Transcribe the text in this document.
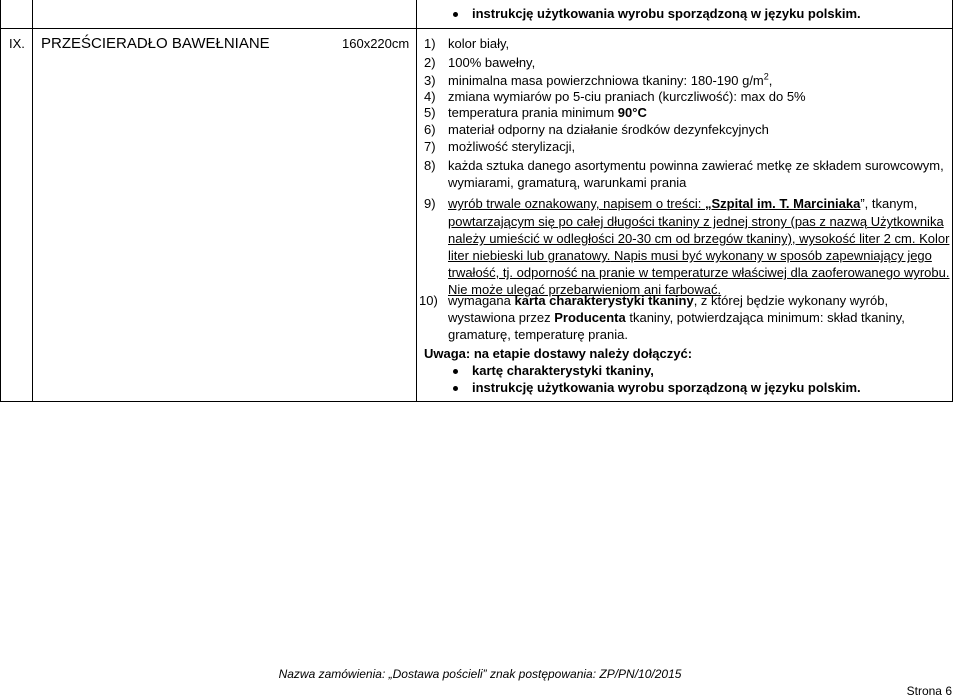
instrukcję użytkowania wyrobu sporządzoną w języku polskim.
IX. PRZEŚCIERADŁO BAWEŁNIANE	160x220cm 1) kolor biały,
2) 100% bawełny,
3) minimalna masa powierzchniowa tkaniny: 180-190 $g/m^2$,
4) zmiana wymiarów po 5-ciu praniach (kurczliwość): max do 5%
5) temperatura prania minimum 90°C
6) materiał odporny na działanie środków dezynfekcyjnych
7) możliwość sterylizacji,
8) każda sztuka danego asortymentu powinna zawierać metkę ze składem surowcowym,
wymiarami, gramaturą, warunkami prania
9) wyrób trwale oznakowany, napisem o treści: „Szpital im. T. Marciniaka”, tkanym,
powtarzającym się po całej długości tkaniny z jednej strony (pas z nazwą Użytkownika
należy umieścić w odległości 20-30 cm od brzegów tkaniny), wysokość liter 2 cm. Kolor
liter niebieski lub granatowy. Napis musi być wykonany w sposób zapewniający jego
trwałość, tj. odporność na pranie w temperaturze właściwej dla zaoferowanego wyrobu.
Nie może ulegać przebarwieniom ani farbować.
10) wymagana karta charakterystyki tkaniny, z której będzie wykonany wyrób,
wystawiona przez Producenta tkaniny, potwierdzająca minimum: skład tkaniny,
gramaturę, temperaturę prania.
Uwaga: na etapie dostawy należy dołączyć:
kartę charakterystyki tkaniny,
instrukcję użytkowania wyrobu sporządzoną w języku polskim.
Nazwa zamówienia: „Dostawa pościeli” znak postępowania: ZP/PN/10/2015
Strona 6
